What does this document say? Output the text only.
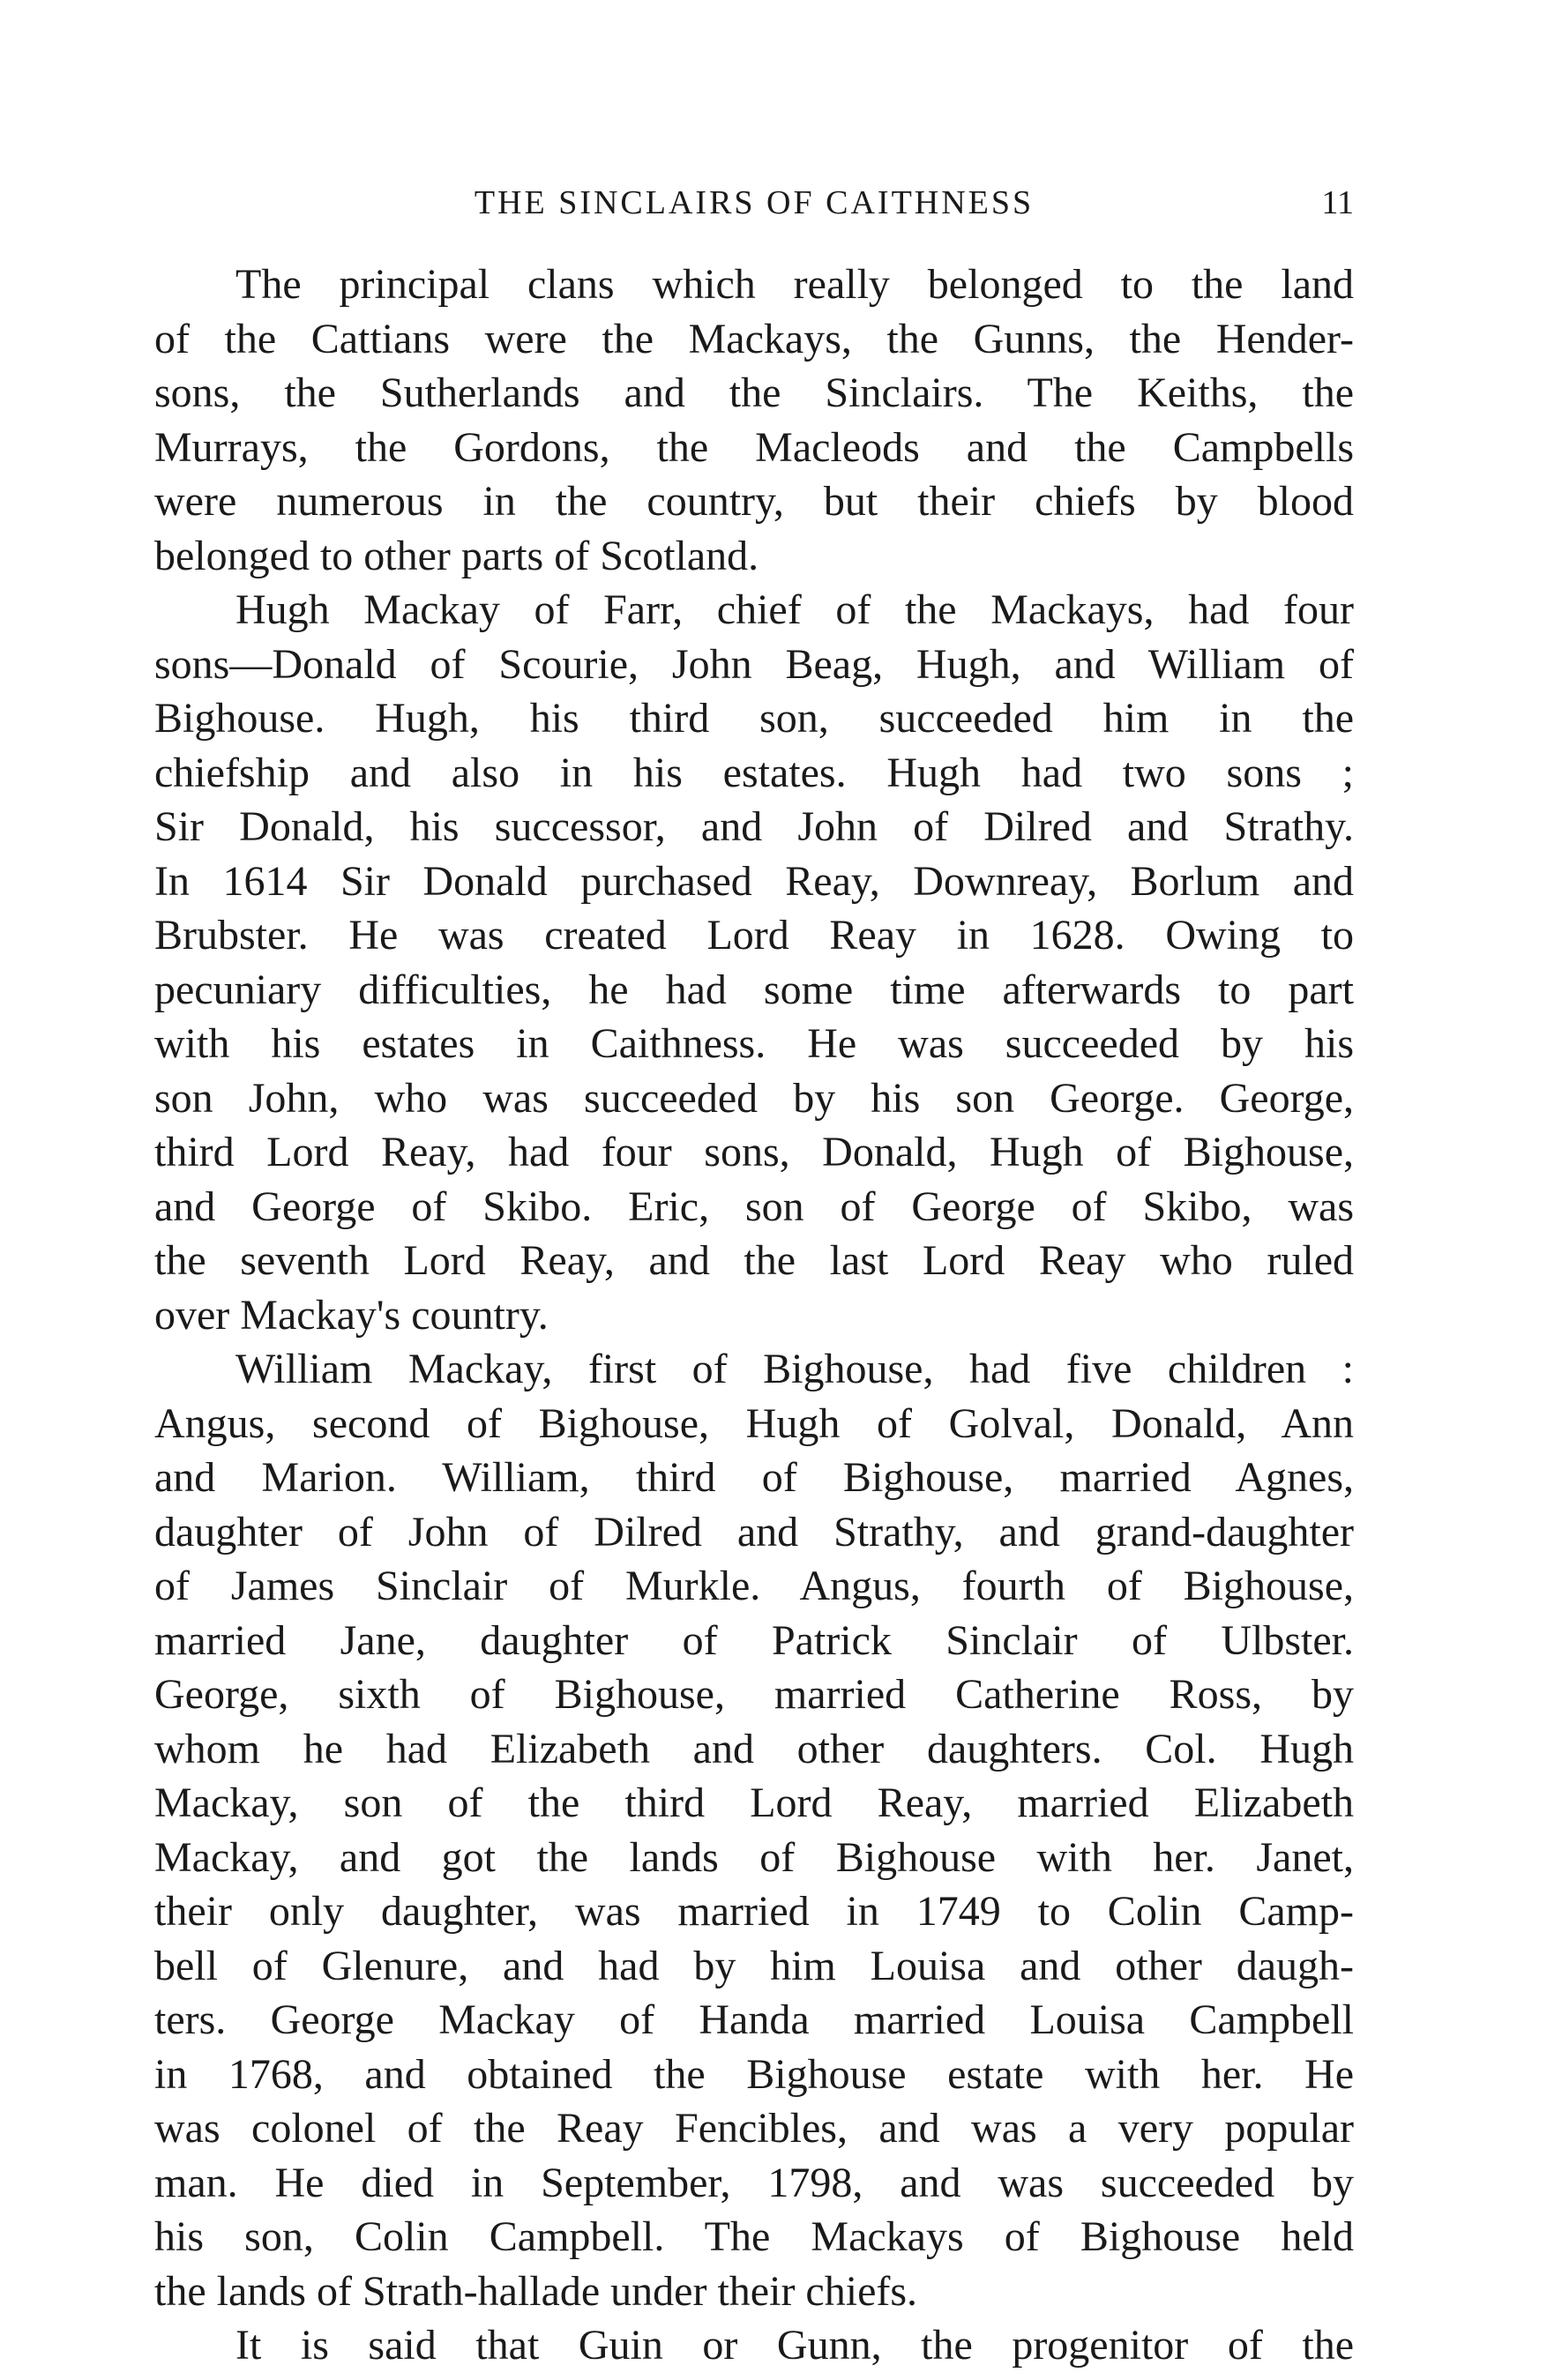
THE SINCLAIRS OF CAITHNESS	11
The principal clans which really belonged to the land
of the Cattians were the Mackays, the Gunns, the Hender-
sons, the Sutherlands and the Sinclairs. The Keiths, the
Murrays, the Gordons, the Macleods and the Campbells
were numerous in the country, but their chiefs by blood
belonged to other parts of Scotland.
Hugh Mackay of Farr, chief of the Mackays, had four
sons—Donald of Scourie, John Beag, Hugh, and William of
Bighouse. Hugh, his third son, succeeded him in the
chiefship and also in his estates. Hugh had two sons ;
Sir Donald, his successor, and John of Dilred and Strathy.
In 1614 Sir Donald purchased Reay, Downreay, Borlum and
Brubster. He was created Lord Reay in 1628. Owing to
pecuniary difficulties, he had some time afterwards to part
with his estates in Caithness. He was succeeded by his
son John, who was succeeded by his son George. George,
third Lord Reay, had four sons, Donald, Hugh of Bighouse,
and George of Skibo. Eric, son of George of Skibo, was
the seventh Lord Reay, and the last Lord Reay who ruled
over Mackay's country.
William Mackay, first of Bighouse, had five children :
Angus, second of Bighouse, Hugh of Golval, Donald, Ann
and Marion. William, third of Bighouse, married Agnes,
daughter of John of Dilred and Strathy, and grand-daughter
of James Sinclair of Murkle. Angus, fourth of Bighouse,
married Jane, daughter of Patrick Sinclair of Ulbster.
George, sixth of Bighouse, married Catherine Ross, by
whom he had Elizabeth and other daughters. Col. Hugh
Mackay, son of the third Lord Reay, married Elizabeth
Mackay, and got the lands of Bighouse with her. Janet,
their only daughter, was married in 1749 to Colin Camp-
bell of Glenure, and had by him Louisa and other daugh-
ters. George Mackay of Handa married Louisa Campbell
in 1768, and obtained the Bighouse estate with her. He
was colonel of the Reay Fencibles, and was a very popular
man. He died in September, 1798, and was succeeded by
his son, Colin Campbell. The Mackays of Bighouse held
the lands of Strath-hallade under their chiefs.
It is said that Guin or Gunn, the progenitor of the
